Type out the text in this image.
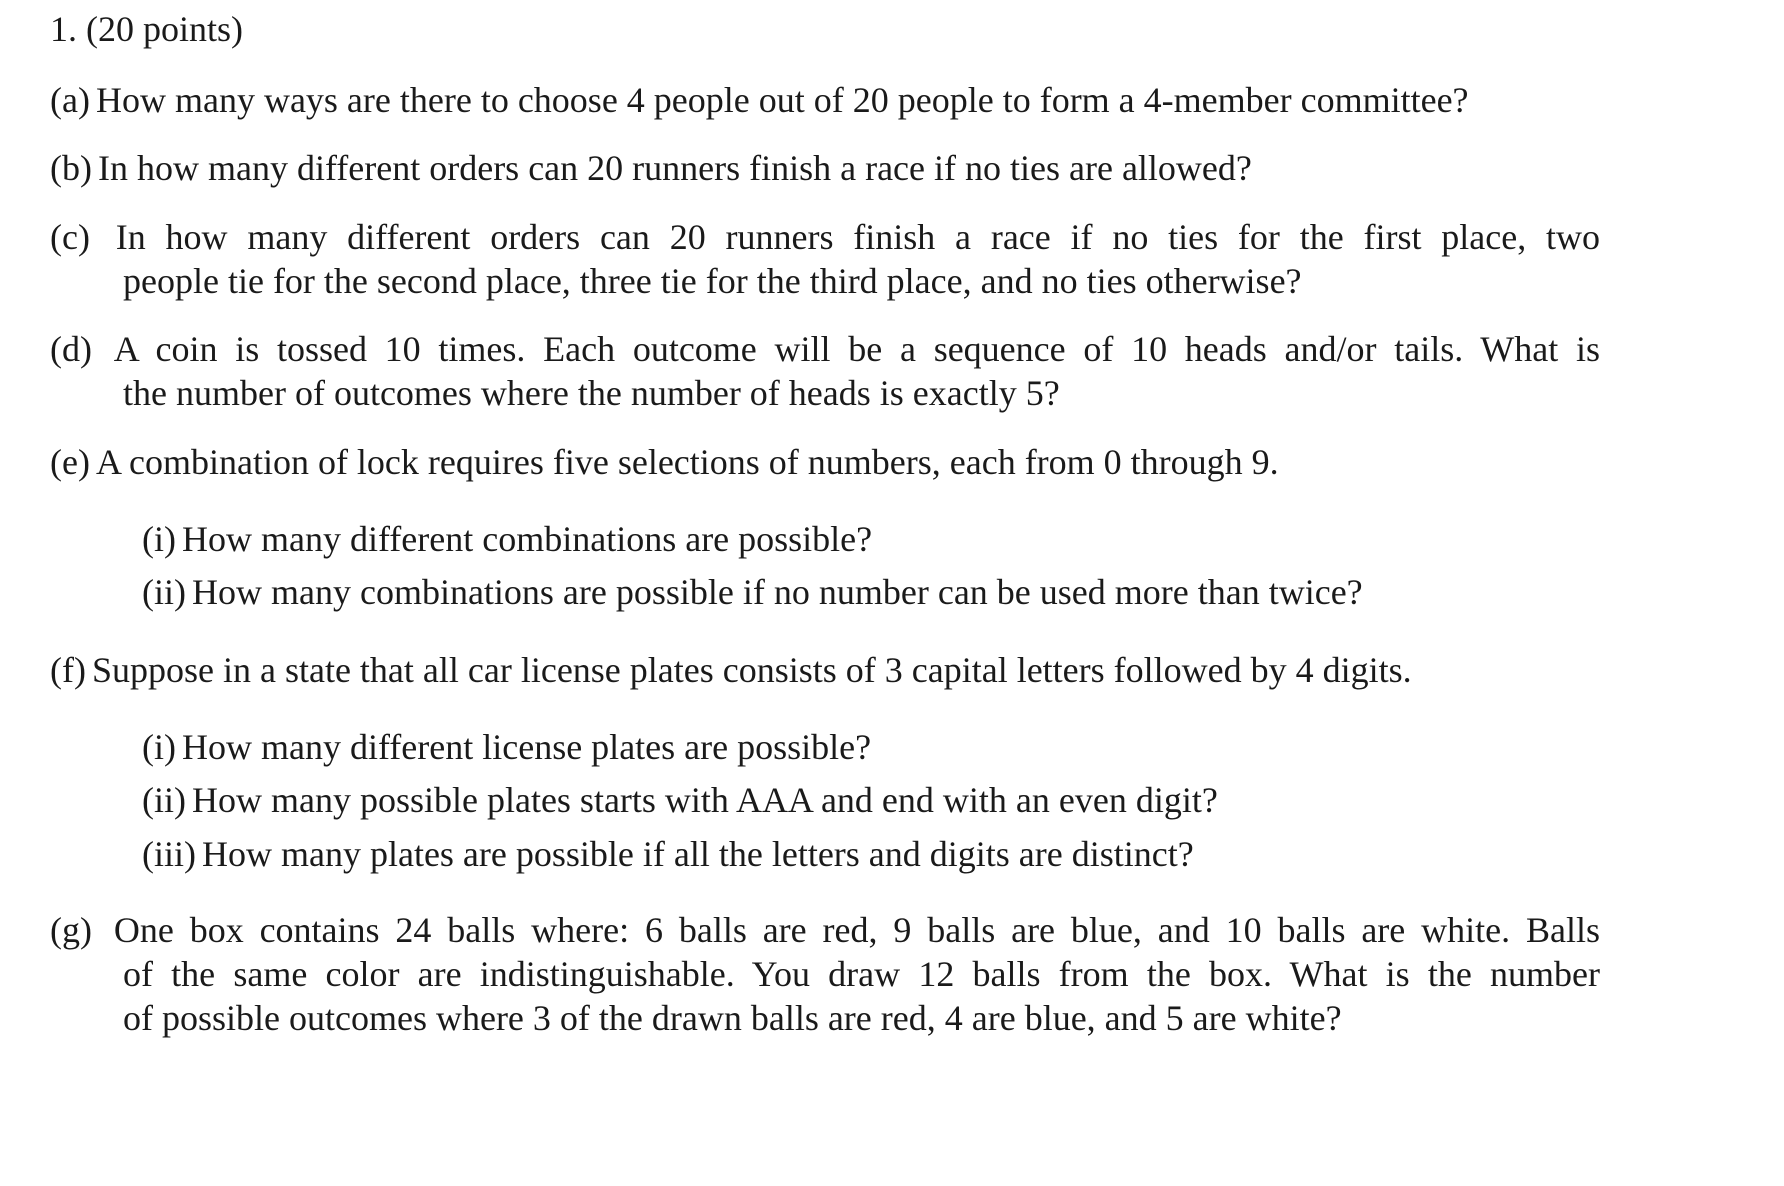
1. (20 points)
(a) How many ways are there to choose 4 people out of 20 people to form a 4-member committee?
(b) In how many different orders can 20 runners finish a race if no ties are allowed?
(c) In how many different orders can 20 runners finish a race if no ties for the first place, two
people tie for the second place, three tie for the third place, and no ties otherwise?
(d) A coin is tossed 10 times. Each outcome will be a sequence of 10 heads and/or tails. What is
the number of outcomes where the number of heads is exactly 5?
(e) A combination of lock requires five selections of numbers, each from 0 through 9.
(i) How many different combinations are possible?
(ii) How many combinations are possible if no number can be used more than twice?
(f) Suppose in a state that all car license plates consists of 3 capital letters followed by 4 digits.
(i) How many different license plates are possible?
(ii) How many possible plates starts with AAA and end with an even digit?
(iii) How many plates are possible if all the letters and digits are distinct?
(g) One box contains 24 balls where: 6 balls are red, 9 balls are blue, and 10 balls are white. Balls
of the same color are indistinguishable. You draw 12 balls from the box. What is the number
of possible outcomes where 3 of the drawn balls are red, 4 are blue, and 5 are white?
